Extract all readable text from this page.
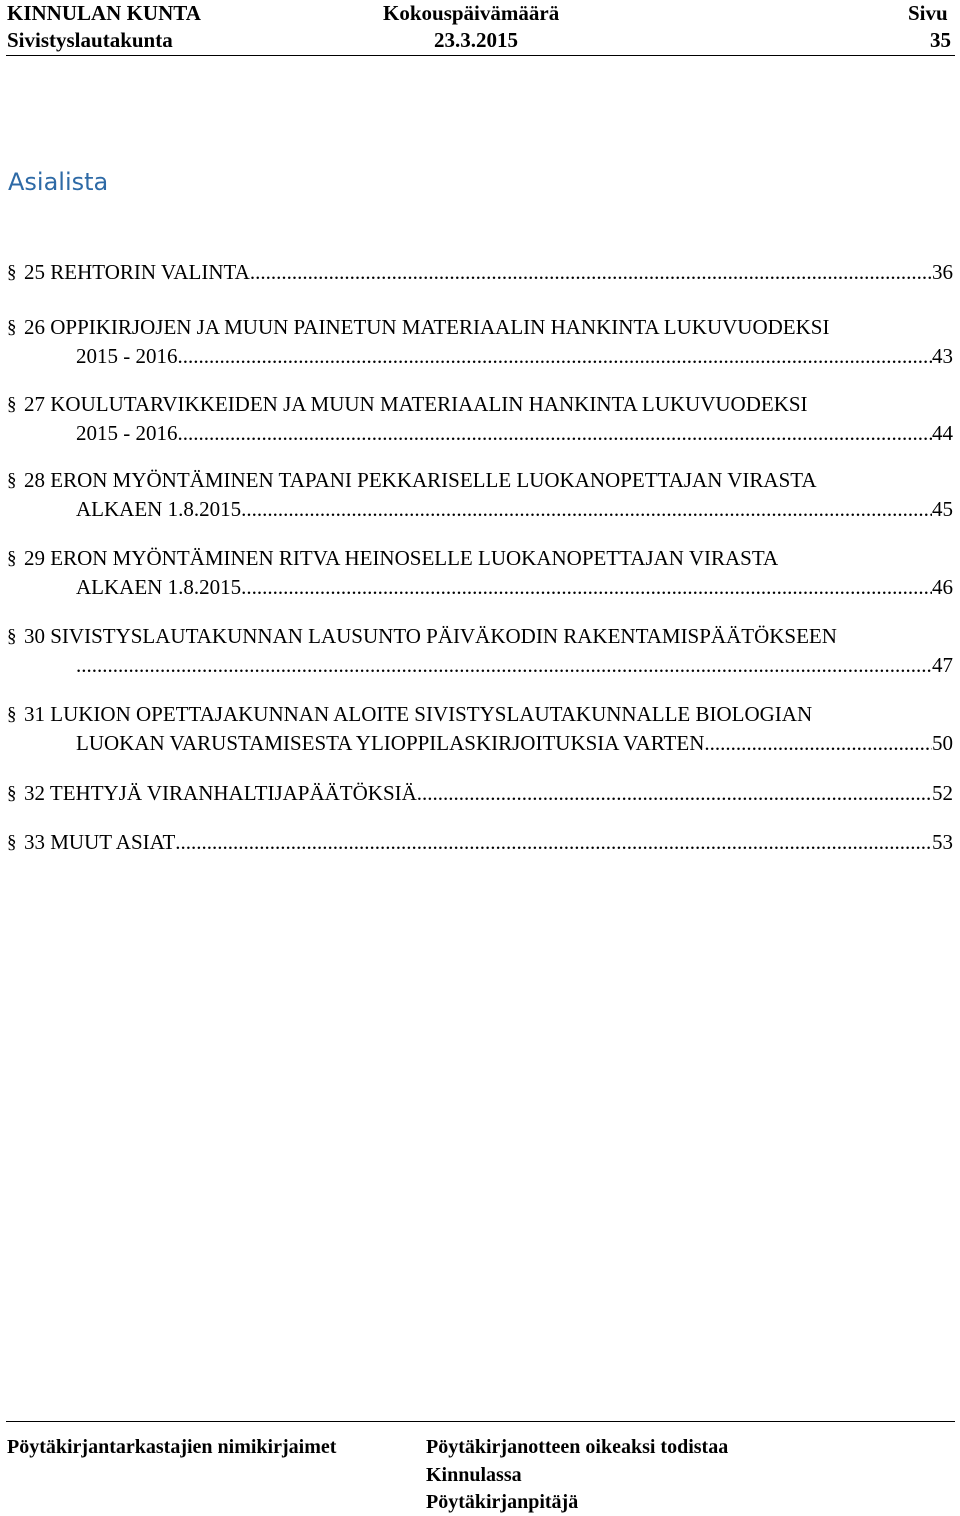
KINNULAN KUNTA
Sivistyslautakunta
Kokouspäivämäärä
23.3.2015
Sivu
35
Asialista
§ 25 REHTORIN VALINTA .....	36
§ 26 OPPIKIRJOJEN JA MUUN PAINETUN MATERIAALIN HANKINTA LUKUVUODEKSI
2015 - 2016. .....	43
§ 27 KOULUTARVIKKEIDEN JA MUUN MATERIAALIN HANKINTA LUKUVUODEKSI
2015 - 2016. .....	44
§ 28 ERON MYÖNTÄMINEN TAPANI PEKKARISELLE LUOKANOPETTAJAN VIRASTA
ALKAEN 1.8.2015. .....	45
§ 29 ERON MYÖNTÄMINEN RITVA HEINOSELLE LUOKANOPETTAJAN VIRASTA
ALKAEN 1.8.2015. .....	46
§ 30 SIVISTYSLAUTAKUNNAN LAUSUNTO PÄIVÄKODIN RAKENTAMISPÄÄTÖKSEEN
.....
47
§ 31 LUKION OPETTAJAKUNNAN ALOITE SIVISTYSLAUTAKUNNALLE BIOLOGIAN
LUOKAN VARUSTAMISESTA YLIOPPILASKIRJOITUKSIA VARTEN .....	50
§ 32 TEHTYJÄ VIRANHALTIJAPÄÄTÖKSIÄ .....	52
§ 33 MUUT ASIAT .....	53
Pöytäkirjantarkastajien nimikirjaimet	Pöytäkirjanotteen oikeaksi todistaa
Kinnulassa
Pöytäkirjanpitäjä
